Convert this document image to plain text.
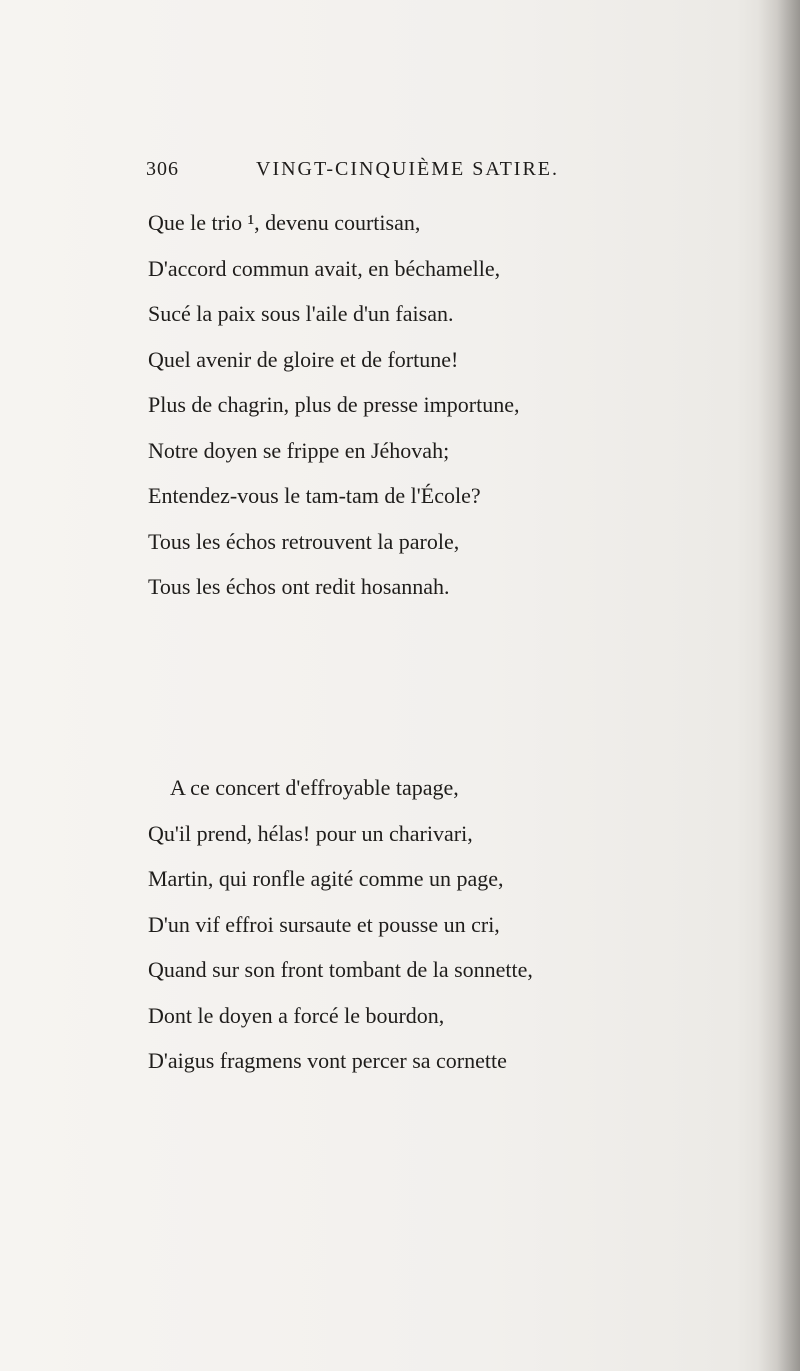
306	VINGT-CINQUIÈME SATIRE.
Que le trio ¹, devenu courtisan,
D'accord commun avait, en béchamelle,
Sucé la paix sous l'aile d'un faisan.
Quel avenir de gloire et de fortune!
Plus de chagrin, plus de presse importune,
Notre doyen se frippe en Jéhovah;
Entendez-vous le tam-tam de l'École?
Tous les échos retrouvent la parole,
Tous les échos ont redit hosannah.
A ce concert d'effroyable tapage,
Qu'il prend, hélas! pour un charivari,
Martin, qui ronfle agité comme un page,
D'un vif effroi sursaute et pousse un cri,
Quand sur son front tombant de la sonnette,
Dont le doyen a forcé le bourdon,
D'aigus fragmens vont percer sa cornette
